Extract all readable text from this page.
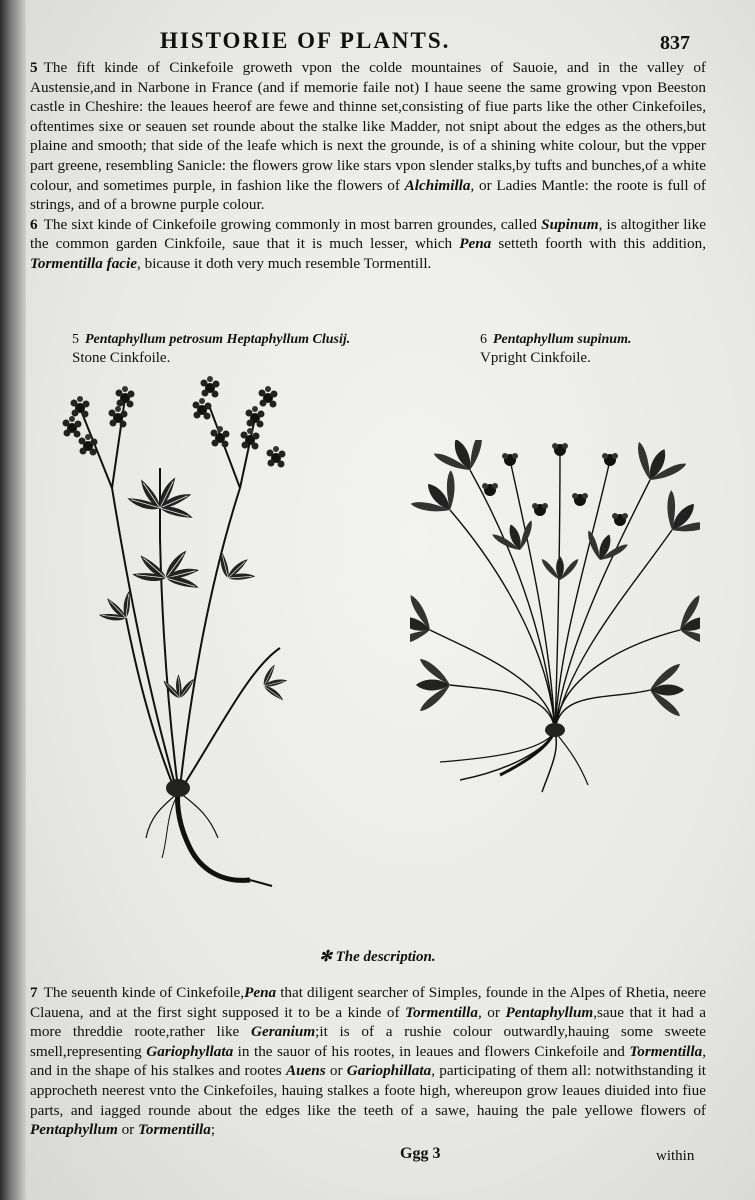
HISTORIE OF PLANTS.	837

5 The fift kinde of Cinkefoile groweth vpon the colde mountaines of Sauoie, and in the valley of Austensie,and in Narbone in France (and if memorie faile not) I haue seene the same growing vpon Beeston castle in Cheshire: the leaues heerof are fewe and thinne set,consisting of fiue parts like the other Cinkefoiles, oftentimes sixe or seauen set rounde about the stalke like Madder, not snipt about the edges as the others,but plaine and smooth; that side of the leafe which is next the grounde, is of a shining white colour, but the vpper part greene, resembling Sanicle: the flowers grow like stars vpon slender stalks,by tufts and bunches,of a white colour, and sometimes purple, in fashion like the flowers of Alchimilla, or Ladies Mantle: the roote is full of strings, and of a browne purple colour.

6 The sixt kinde of Cinkefoile growing commonly in most barren groundes, called Supinum, is altogither like the common garden Cinkfoile, saue that it is much lesser, which Pena setteth foorth with this addition, Tormentilla facie, bicause it doth very much resemble Tormentill.

5 Pentaphyllum petrosum Heptaphyllum Clusij.
Stone Cinkfoile.
6 Pentaphyllum supinum.
Vpright Cinkfoile.
✻ The description.

7 The seuenth kinde of Cinkefoile,Pena that diligent searcher of Simples, founde in the Alpes of Rhetia, neere Clauena, and at the first sight supposed it to be a kinde of Tormentilla, or Pentaphyllum,saue that it had a more threddie roote,rather like Geranium;it is of a rushie colour outwardly,hauing some sweete smell,representing Gariophyllata in the sauor of his rootes, in leaues and flowers Cinkefoile and Tormentilla, and in the shape of his stalkes and rootes Auens or Gariophillata, participating of them all: notwithstanding it approcheth neerest vnto the Cinkefoiles, hauing stalkes a foote high, whereupon grow leaues diuided into fiue parts, and iagged rounde about the edges like the teeth of a sawe, hauing the pale yellowe flowers of Pentaphyllum or Tormentilla;

Ggg 3	within
